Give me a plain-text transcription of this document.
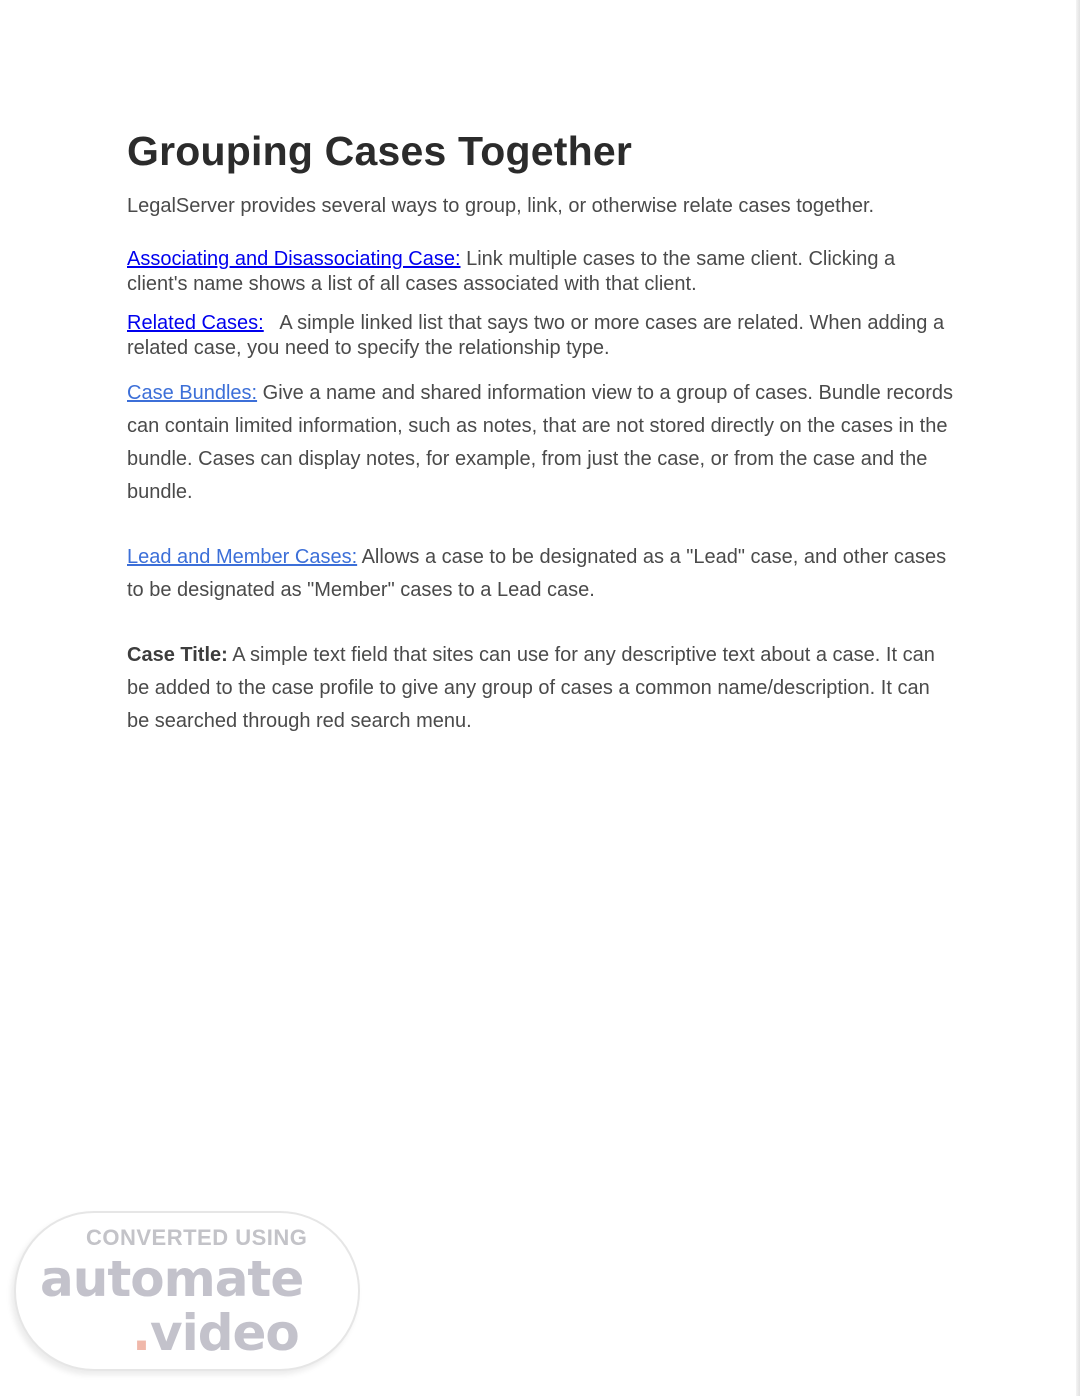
Grouping Cases Together

LegalServer provides several ways to group, link, or otherwise relate cases together.

Associating and Disassociating Case: Link multiple cases to the same client. Clicking a client's name shows a list of all cases associated with that client.

Related Cases:   A simple linked list that says two or more cases are related. When adding a related case, you need to specify the relationship type.

Case Bundles: Give a name and shared information view to a group of cases. Bundle records can contain limited information, such as notes, that are not stored directly on the cases in the bundle. Cases can display notes, for example, from just the case, or from the case and the bundle.

Lead and Member Cases: Allows a case to be designated as a "Lead" case, and other cases to be designated as "Member" cases to a Lead case.

Case Title: A simple text field that sites can use for any descriptive text about a case. It can be added to the case profile to give any group of cases a common name/description. It can be searched through red search menu.

CONVERTED USING
automate
.video
